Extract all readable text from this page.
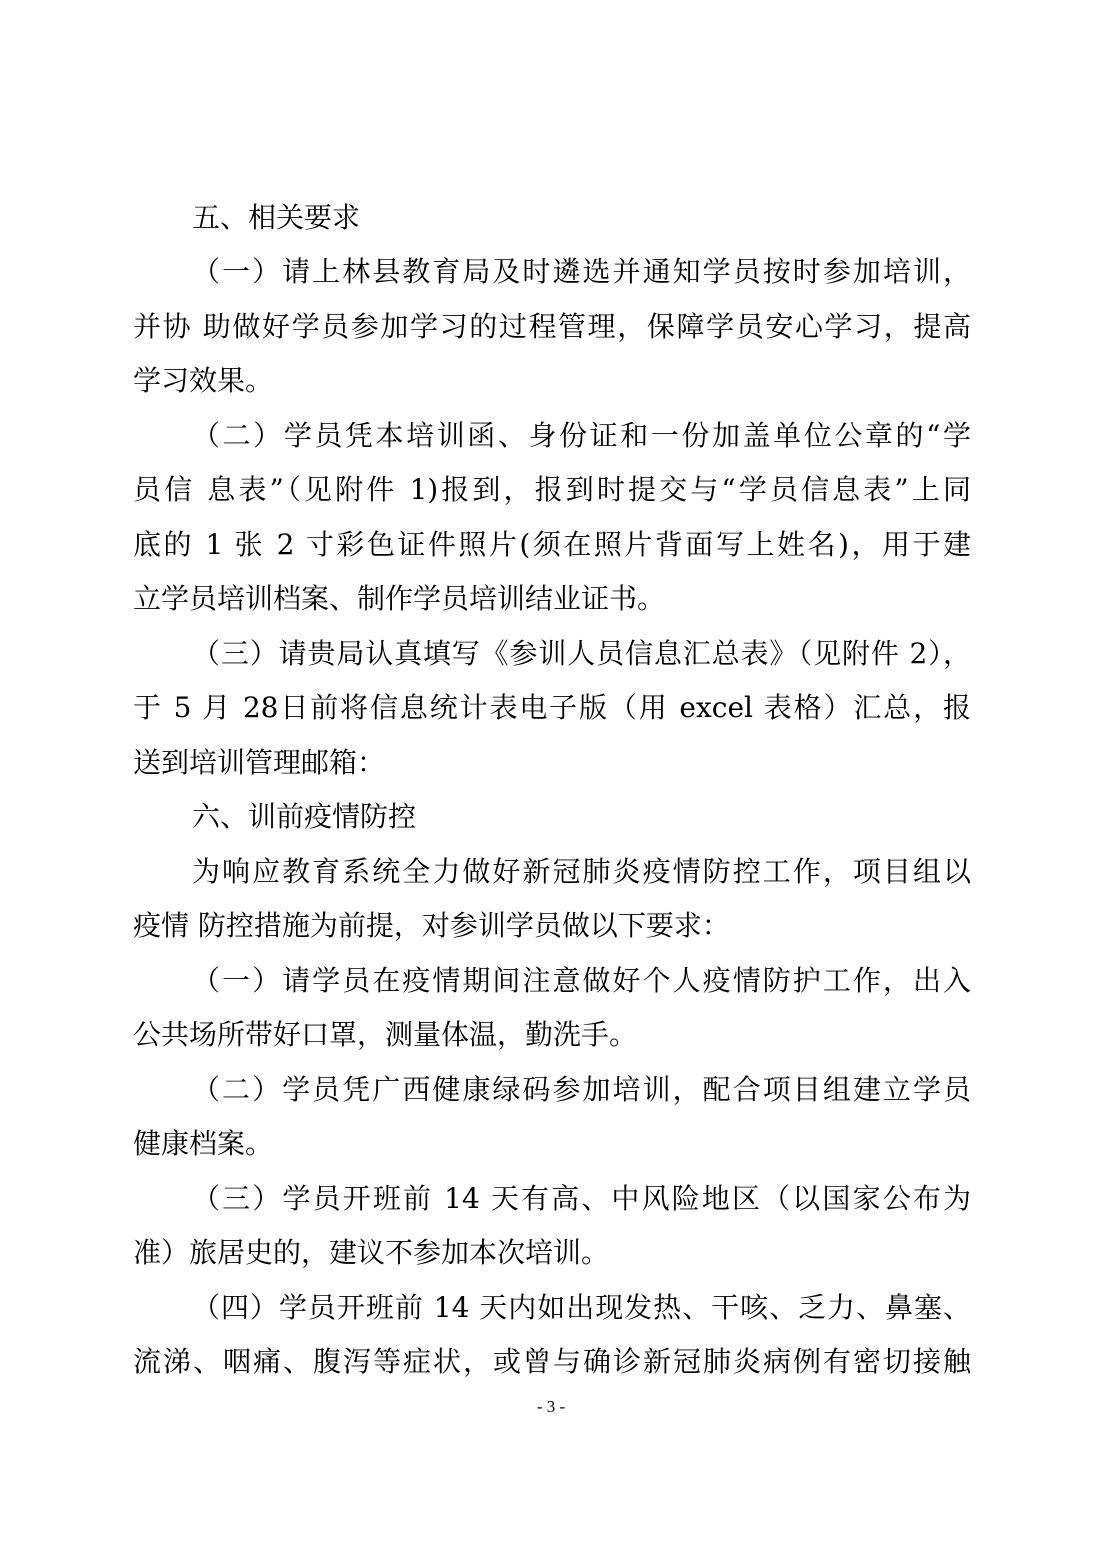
五、相关要求
（一）请上林县教育局及时遴选并通知学员按时参加培训，
并协 助做好学员参加学习的过程管理，保障学员安心学习，提高
学习效果。
（二）学员凭本培训函、身份证和一份加盖单位公章的“学
员信 息表”（见附件 1)报到，报到时提交与“学员信息表”上同
底的 1 张 2 寸彩色证件照片(须在照片背面写上姓名)，用于建
立学员培训档案、制作学员培训结业证书。
（三）请贵局认真填写《参训人员信息汇总表》（见附件 2），
于 5 月 28日前将信息统计表电子版（用 excel 表格）汇总，报
送到培训管理邮箱：
六、训前疫情防控
为响应教育系统全力做好新冠肺炎疫情防控工作，项目组以
疫情 防控措施为前提，对参训学员做以下要求：
（一）请学员在疫情期间注意做好个人疫情防护工作，出入
公共场所带好口罩，测量体温，勤洗手。
（二）学员凭广西健康绿码参加培训，配合项目组建立学员
健康档案。
（三）学员开班前 14 天有高、中风险地区（以国家公布为
准）旅居史的，建议不参加本次培训。
（四）学员开班前 14 天内如出现发热、干咳、乏力、鼻塞、
流涕、咽痛、腹泻等症状，或曾与确诊新冠肺炎病例有密切接触
- 3 -
